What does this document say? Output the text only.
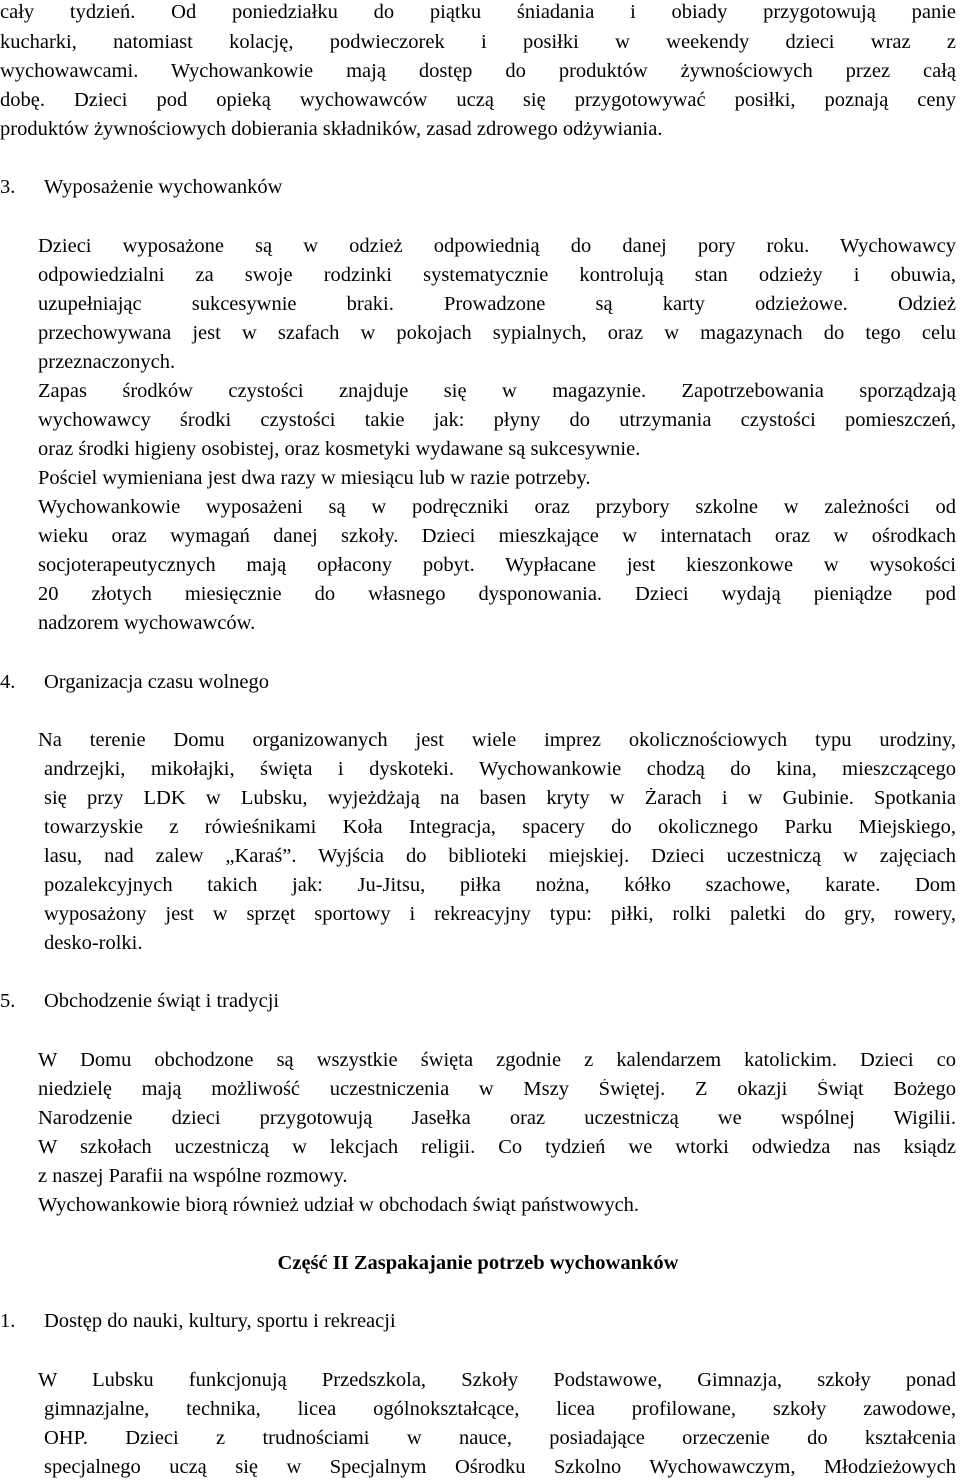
cały tydzień. Od poniedziałku do piątku śniadania i obiady przygotowują panie

kucharki, natomiast kolację, podwieczorek i posiłki w weekendy dzieci wraz z

wychowawcami. Wychowankowie mają dostęp do produktów żywnościowych przez całą

dobę. Dzieci pod opieką wychowawców uczą się przygotowywać posiłki, poznają ceny

produktów żywnościowych dobierania składników, zasad zdrowego odżywiania.

3. Wyposażenie wychowanków

Dzieci wyposażone są w odzież odpowiednią do danej pory roku. Wychowawcy

odpowiedzialni za swoje rodzinki systematycznie kontrolują stan odzieży i obuwia,

uzupełniając sukcesywnie braki. Prowadzone są karty odzieżowe. Odzież

przechowywana jest w szafach w pokojach sypialnych, oraz w magazynach do tego celu

przeznaczonych.

Zapas środków czystości znajduje się w magazynie. Zapotrzebowania sporządzają

wychowawcy środki czystości takie jak: płyny do utrzymania czystości pomieszczeń,

oraz środki higieny osobistej, oraz kosmetyki wydawane są sukcesywnie.

Pościel wymieniana jest dwa razy w miesiącu lub w razie potrzeby.

Wychowankowie wyposażeni są w podręczniki oraz przybory szkolne w zależności od

wieku oraz wymagań danej szkoły. Dzieci mieszkające w internatach oraz w ośrodkach

socjoterapeutycznych mają opłacony pobyt. Wypłacane jest kieszonkowe w wysokości

20 złotych miesięcznie do własnego dysponowania. Dzieci wydają pieniądze pod

nadzorem wychowawców.

4. Organizacja czasu wolnego

Na terenie Domu organizowanych jest wiele imprez okolicznościowych typu urodziny,

andrzejki, mikołajki, święta i dyskoteki. Wychowankowie chodzą do kina, mieszczącego

się przy LDK w Lubsku, wyjeżdżają na basen kryty w Żarach i w Gubinie. Spotkania

towarzyskie z rówieśnikami Koła Integracja, spacery do okolicznego Parku Miejskiego,

lasu, nad zalew „Karaś”. Wyjścia do biblioteki miejskiej. Dzieci uczestniczą w zajęciach

pozalekcyjnych takich jak: Ju-Jitsu, piłka nożna, kółko szachowe, karate. Dom

wyposażony jest w sprzęt sportowy i rekreacyjny typu: piłki, rolki paletki do gry, rowery,

desko-rolki.

5. Obchodzenie świąt i tradycji

W Domu obchodzone są wszystkie święta zgodnie z kalendarzem katolickim. Dzieci co

niedzielę mają możliwość uczestniczenia w Mszy Świętej. Z okazji Świąt Bożego

Narodzenie dzieci przygotowują Jasełka oraz uczestniczą we wspólnej Wigilii.

W szkołach uczestniczą w lekcjach religii. Co tydzień we wtorki odwiedza nas ksiądz

z naszej Parafii na wspólne rozmowy.

Wychowankowie biorą również udział w obchodach świąt państwowych.

Część II Zaspakajanie potrzeb wychowanków
1. Dostęp do nauki, kultury, sportu i rekreacji

W Lubsku funkcjonują Przedszkola, Szkoły Podstawowe, Gimnazja, szkoły ponad

gimnazjalne, technika, licea ogólnokształcące, licea profilowane, szkoły zawodowe,

OHP. Dzieci z trudnościami w nauce, posiadające orzeczenie do kształcenia

specjalnego uczą się w Specjalnym Ośrodku Szkolno Wychowawczym, Młodzieżowych
